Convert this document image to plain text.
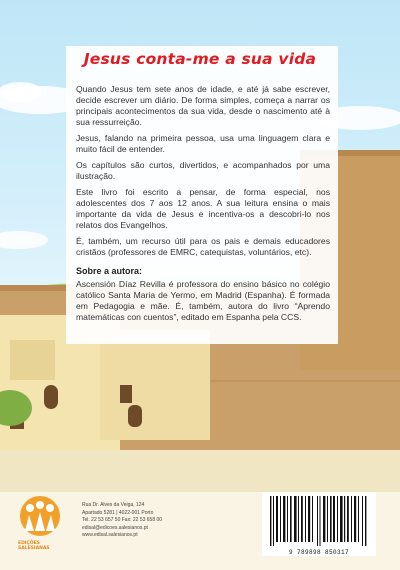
Jesus conta-me a sua vida

Quando Jesus tem sete anos de idade, e até já sabe escrever, decide escrever um diário. De forma simples, começa a narrar os principais acontecimentos da sua vida, desde o nascimento até à sua ressurreição.

Jesus, falando na primeira pessoa, usa uma linguagem clara e muito fácil de entender.

Os capítulos são curtos, divertidos, e acompanhados por uma ilustração.

Este livro foi escrito a pensar, de forma especial, nos adolescentes dos 7 aos 12 anos. A sua leitura ensina o mais importante da vida de Jesus e incentiva-os a descobri-lo nos relatos dos Evangelhos.

É, também, um recurso útil para os pais e demais educadores cristãos (professores de EMRC, catequistas, voluntários, etc).

Sobre a autora:

Ascensión Díaz Revilla é professora do ensino básico no colégio católico Santa Maria de Yermo, em Madrid (Espanha). É formada em Pedagogia e mãe. É, também, autora do livro “Aprendo matemáticas con cuentos”, editado em Espanha pela CCS.

EDIÇÕES
SALESIANAS
Rua Dr. Alves da Veiga, 124
Apartado 5281 | 4022-001 Porto
Tel. 22 53 657 50 Fax: 22 53 658 00
edisal@edicoes.salesianos.pt
www.edisal.salesianos.pt
9 789898 850317
